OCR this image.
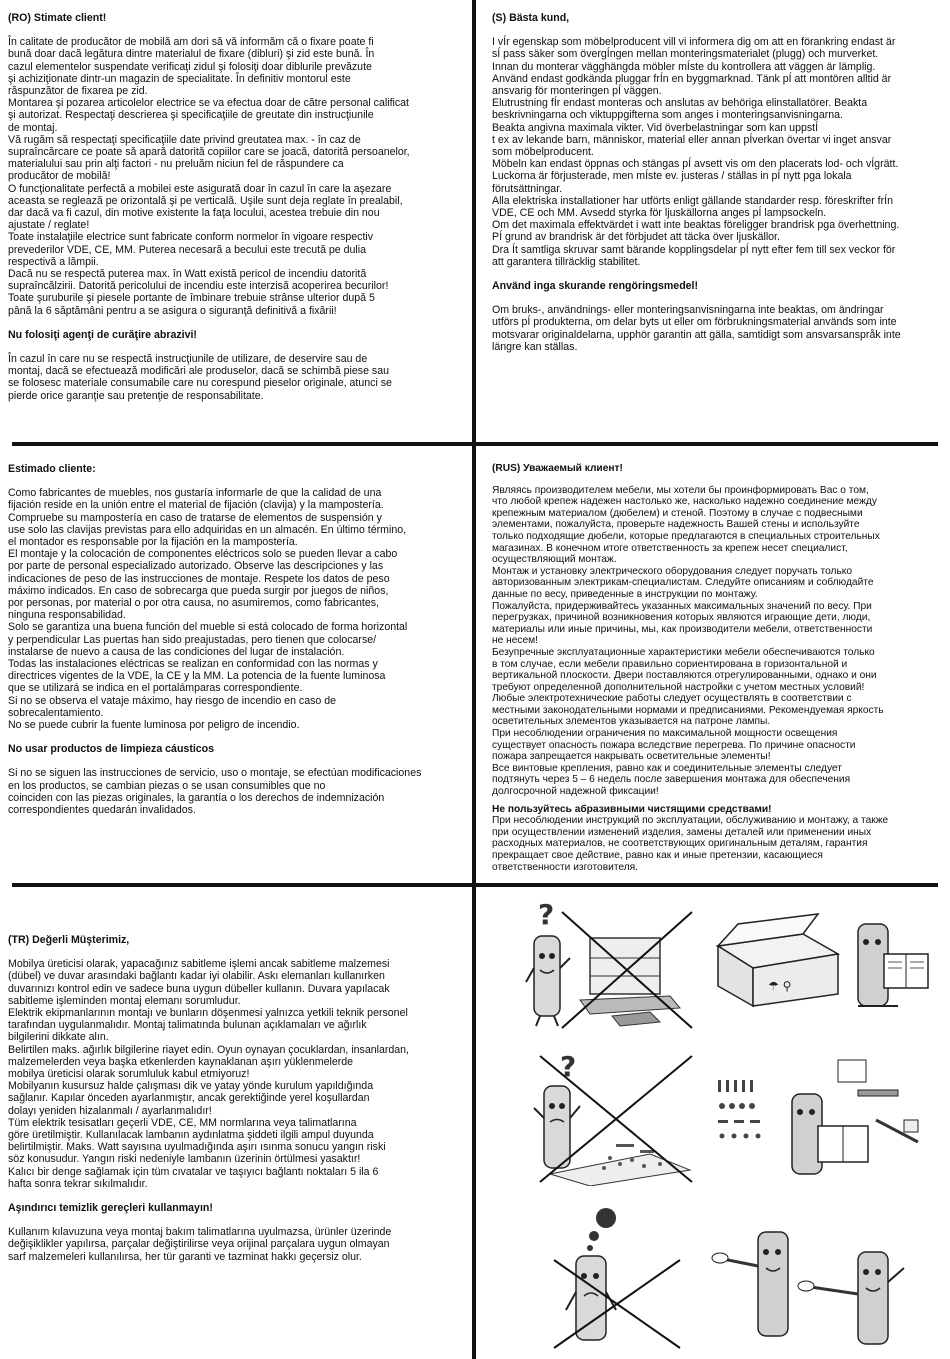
(RO) Stimate client!

În calitate de producător de mobilă am dori să vă informăm că o fixare poate fi
bună doar dacă legătura dintre materialul de fixare (dibluri) şi zid este bună. În
cazul elementelor suspendate verificaţi zidul şi folosiţi doar diblurile prevăzute
şi achiziţionate dintr-un magazin de specialitate. În definitiv montorul este
răspunzător de fixarea pe zid.
Montarea şi pozarea articolelor electrice se va efectua doar de către personal calificat
şi autorizat. Respectaţi descrierea şi specificaţiile de greutate din instrucţiunile
de montaj.
Vă rugăm să respectaţi specificaţiile date privind greutatea max. - în caz de
supraîncărcare ce poate să apară datorită copiilor care se joacă, datorită persoanelor,
materialului sau prin alţi factori - nu preluăm niciun fel de răspundere ca
producător de mobilă!
O funcţionalitate perfectă a mobilei este asigurată doar în cazul în care la aşezare
aceasta se reglează pe orizontală şi pe verticală. Uşile sunt deja reglate în prealabil,
dar dacă va fi cazul, din motive existente la faţa locului, acestea trebuie din nou
ajustate / reglate!
Toate instalaţiile electrice sunt fabricate conform normelor în vigoare respectiv
prevederilor VDE, CE, MM. Puterea necesară a becului este trecută pe dulia
respectivă a lămpii.
Dacă nu se respectă puterea max. în Watt există pericol de incendiu datorită
supraîncălzirii. Datorită pericolului de incendiu este interzisă acoperirea becurilor!
Toate şuruburile şi piesele portante de îmbinare trebuie strânse ulterior după 5
până la 6 săptămâni pentru a se asigura o siguranţă definitivă a fixării!

Nu folosiţi agenţi de curăţire abrazivi!

În cazul în care nu se respectă instrucţiunile de utilizare, de deservire sau de
montaj, dacă se efectuează modificări ale produselor, dacă se schimbă piese sau
se folosesc materiale consumabile care nu corespund pieselor originale, atunci se
pierde orice garanţie sau pretenţie de responsabilitate.

(S) Bästa kund,

I vÍr egenskap som möbelproducent vill vi informera dig om att en förankring endast är
sÍ pass säker som övergÍngen mellan monteringsmaterialet (plugg) och murverket.
Innan du monterar vägghängda möbler mÍste du kontrollera att väggen är lämplig.
Använd endast godkända pluggar frÍn en byggmarknad. Tänk pÍ att montören alltid är
ansvarig för monteringen pÍ väggen.
Elutrustning fÍr endast monteras och anslutas av behöriga elinstallatörer. Beakta
beskrivningarna och viktuppgifterna som anges i monteringsanvisningarna.
Beakta angivna maximala vikter. Vid överbelastningar som kan uppstÍ
t ex av lekande barn, människor, material eller annan pÍverkan övertar vi inget ansvar
som möbelproducent.
Möbeln kan endast öppnas och stängas pÍ avsett vis om den placerats lod- och vÍgrätt.
Luckorna är förjusterade, men mÍste ev. justeras / ställas in pÍ nytt pga lokala
förutsättningar.
Alla elektriska installationer har utförts enligt gällande standarder resp. föreskrifter frÍn
VDE, CE och MM. Avsedd styrka för ljuskällorna anges pÍ lampsockeln.
Om det maximala effektvärdet i watt inte beaktas föreligger brandrisk pga överhettning.
PÍ grund av brandrisk är det förbjudet att täcka över ljuskällor.
Dra Ít samtliga skruvar samt bärande kopplingsdelar pÍ nytt efter fem till sex veckor för
att garantera tillräcklig stabilitet.

Använd inga skurande rengöringsmedel!

Om bruks-, användnings- eller monteringsanvisningarna inte beaktas, om ändringar
utförs pÍ produkterna, om delar byts ut eller om förbrukningsmaterial används som inte
motsvarar originaldelarna, upphör garantin att gälla, samtidigt som ansvarsanspråk inte
längre kan ställas.

Estimado cliente:

Como fabricantes de muebles, nos gustaría informarle de que la calidad de una
fijación reside en la unión entre el material de fijación (clavija) y la mampostería.
Compruebe su mampostería en caso de tratarse de elementos de suspensión y
use solo las clavijas previstas para ello adquiridas en un almacén. En último término,
el montador es responsable por la fijación en la mampostería.
El montaje y la colocación de componentes eléctricos solo se pueden llevar a cabo
por parte de personal especializado autorizado. Observe las descripciones y las
indicaciones de peso de las instrucciones de montaje. Respete los datos de peso
máximo indicados. En caso de sobrecarga que pueda surgir por juegos de niños,
por personas, por material o por otra causa, no asumiremos, como fabricantes,
ninguna responsabilidad.
Solo se garantiza una buena función del mueble si está colocado de forma horizontal
y perpendicular Las puertas han sido preajustadas, pero tienen que colocarse/
instalarse de nuevo a causa de las condiciones del lugar de instalación.
Todas las instalaciones eléctricas se realizan en conformidad con las normas y
directrices vigentes de la VDE, la CE y la MM. La potencia de la fuente luminosa
que se utilizará se indica en el portalámparas correspondiente.
Si no se observa el vataje máximo, hay riesgo de incendio en caso de
sobrecalentamiento.
No se puede cubrir la fuente luminosa por peligro de incendio.

No usar productos de limpieza cáusticos

Si no se siguen las instrucciones de servicio, uso o montaje, se efectúan modificaciones
en los productos, se cambian piezas o se usan consumibles que no
coinciden con las piezas originales, la garantía o los derechos de indemnización
correspondientes quedarán invalidados.

(RUS) Уважаемый клиент!

Являясь производителем мебели, мы хотели бы проинформировать Вас о том,
что любой крепеж надежен настолько же, насколько надежно соединение между
крепежным материалом (дюбелем) и стеной. Поэтому в случае с подвесными
элементами, пожалуйста, проверьте надежность Вашей стены и используйте
только подходящие дюбели, которые предлагаются в специальных строительных
магазинах. В конечном итоге ответственность за крепеж несет специалист,
осуществляющий монтаж.
Монтаж и установку электрического оборудования следует поручать только
авторизованным электрикам-специалистам. Следуйте описаниям и соблюдайте
данные по весу, приведенные в инструкции по монтажу.
Пожалуйста, придерживайтесь указанных максимальных значений по весу. При
перегрузках, причиной возникновения которых являются играющие дети, люди,
материалы или иные причины, мы, как производители мебели, ответственности
не несем!
Безупречные эксплуатационные характеристики мебели обеспечиваются только
в том случае, если мебели правильно сориентирована в горизонтальной и
вертикальной плоскости. Двери поставляются отрегулированными, однако и они
требуют определенной дополнительной настройки с учетом местных условий!
Любые электротехнические работы следует осуществлять в соответствии с
местными законодательными нормами и предписаниями. Рекомендуемая яркость
осветительных элементов указывается на патроне лампы.
При несоблюдении ограничения по максимальной мощности освещения
существует опасность пожара вследствие перегрева. По причине опасности
пожара запрещается накрывать осветительные элементы!
Все винтовые крепления, равно как и соединительные элементы следует
подтянуть через 5 – 6 недель после завершения монтажа для обеспечения
долгосрочной надежной фиксации!

Не пользуйтесь абразивными чистящими средствами!

При несоблюдении инструкций по эксплуатации, обслуживанию и монтажу, а также
при осуществлении изменений изделия, замены деталей или применении иных
расходных материалов, не соответствующих оригинальным деталям, гарантия
прекращает свое действие, равно как и иные претензии, касающиеся
ответственности изготовителя.

(TR) Değerli Müşterimiz,

Mobilya üreticisi olarak, yapacağınız sabitleme işlemi ancak sabitleme malzemesi
(dübel) ve duvar arasındaki bağlantı kadar iyi olabilir. Askı elemanları kullanırken
duvarınızı kontrol edin ve sadece buna uygun dübeller kullanın. Duvara yapılacak
sabitleme işleminden montaj elemanı sorumludur.
Elektrik ekipmanlarının montajı ve bunların döşenmesi yalnızca yetkili teknik personel
tarafından uygulanmalıdır. Montaj talimatında bulunan açıklamaları ve ağırlık
bilgilerini dikkate alın.
Belirtilen maks. ağırlık bilgilerine riayet edin. Oyun oynayan çocuklardan, insanlardan,
malzemelerden veya başka etkenlerden kaynaklanan aşırı yüklenmelerde
mobilya üreticisi olarak sorumluluk kabul etmiyoruz!
Mobilyanın kusursuz halde çalışması dik ve yatay yönde kurulum yapıldığında
sağlanır. Kapılar önceden ayarlanmıştır, ancak gerektiğinde yerel koşullardan
dolayı yeniden hizalanmalı / ayarlanmalıdır!
Tüm elektrik tesisatları geçerli VDE, CE, MM normlarına veya talimatlarına
göre üretilmiştir. Kullanılacak lambanın aydınlatma şiddeti ilgili ampul duyunda
belirtilmiştir. Maks. Watt sayısına uyulmadığında aşırı ısınma sonucu yangın riski
söz konusudur. Yangın riski nedeniyle lambanın üzerinin örtülmesi yasaktır!
Kalıcı bir denge sağlamak için tüm cıvatalar ve taşıyıcı bağlantı noktaları 5 ila 6
hafta sonra tekrar sıkılmalıdır.

Aşındırıcı temizlik gereçleri kullanmayın!

Kullanım kılavuzuna veya montaj bakım talimatlarına uyulmazsa, ürünler üzerinde
değişiklikler yapılırsa, parçalar değiştirilirse veya orijinal parçalara uygun olmayan
sarf malzemeleri kullanılırsa, her tür garanti ve tazminat hakkı geçersiz olur.

?
☂ ⚲
?
